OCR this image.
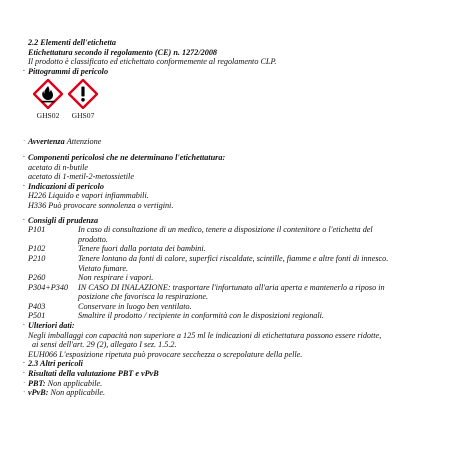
2.2 Elementi dell'etichetta
Etichettatura secondo il regolamento (CE) n. 1272/2008
Il prodotto è classificato ed etichettato conformemente al regolamento CLP.
· Pittogrammi di pericolo
GHS02 GHS07
· Avvertenza Attenzione
· Componenti pericolosi che ne determinano l'etichettatura:
acetato di n-butile
acetato di 1-metil-2-metossietile
· Indicazioni di pericolo
H226 Liquido e vapori infiammabili.
H336 Può provocare sonnolenza o vertigini.
· Consigli di prudenza
P101	In caso di consultazione di un medico, tenere a disposizione il contenitore o l'etichetta del
prodotto.
P102	Tenere fuori dalla portata dei bambini.
P210	Tenere lontano da fonti di calore, superfici riscaldate, scintille, fiamme e altre fonti di innesco.
Vietato fumare.
P260	Non respirare i vapori.
P304+P340	IN CASO DI INALAZIONE: trasportare l'infortunato all'aria aperta e mantenerlo a riposo in
posizione che favorisca la respirazione.
P403	Conservare in luogo ben ventilato.
P501	Smaltire il prodotto / recipiente in conformità con le disposizioni regionali.
· Ulteriori dati:
Negli imballaggi con capacità non superiore a 125 ml le indicazioni di etichettatura possono essere ridotte,
ai sensi dell'art. 29 (2), allegato I sez. 1.5.2.
EUH066 L'esposizione ripetuta può provocare secchezza o screpolature della pelle.
· 2.3 Altri pericoli
· Risultati della valutazione PBT e vPvB
· PBT: Non applicabile.
· vPvB: Non applicabile.
